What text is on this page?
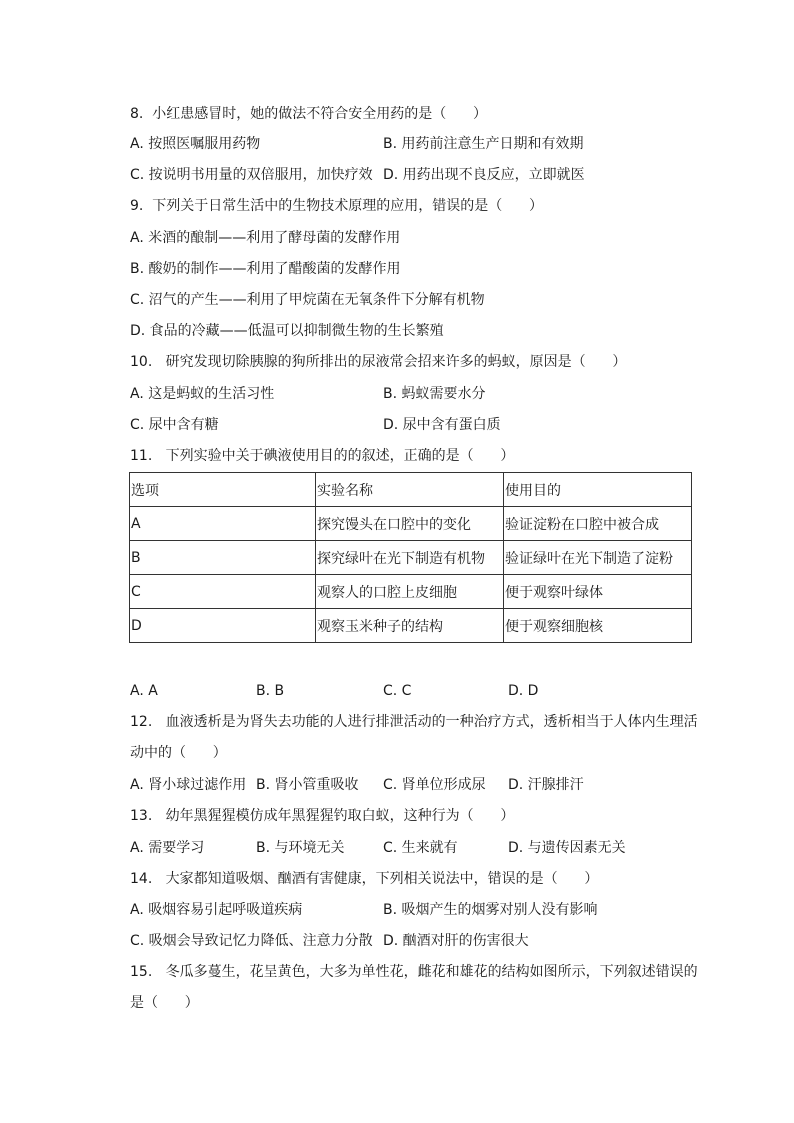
8.  小红患感冒时，她的做法不符合安全用药的是（      ）
A. 按照医嘱服用药物	B. 用药前注意生产日期和有效期
C. 按说明书用量的双倍服用，加快疗效 D. 用药出现不良反应，立即就医
9.  下列关于日常生活中的生物技术原理的应用，错误的是（      ）
A. 米酒的酿制——利用了酵母菌的发酵作用
B. 酸奶的制作——利用了醋酸菌的发酵作用
C. 沼气的产生——利用了甲烷菌在无氧条件下分解有机物
D. 食品的冷藏——低温可以抑制微生物的生长繁殖
10.   研究发现切除胰腺的狗所排出的尿液常会招来许多的蚂蚁，原因是（      ）
A. 这是蚂蚁的生活习性	B. 蚂蚁需要水分
C. 尿中含有糖	D. 尿中含有蛋白质
11.   下列实验中关于碘液使用目的的叙述，正确的是（      ）
选项	实验名称	使用目的
A	探究馒头在口腔中的变化	验证淀粉在口腔中被合成
B	探究绿叶在光下制造有机物	验证绿叶在光下制造了淀粉
C	观察人的口腔上皮细胞	便于观察叶绿体
D	观察玉米种子的结构	便于观察细胞核
A. A	B. B	C. C	D. D
12.   血液透析是为肾失去功能的人进行排泄活动的一种治疗方式，透析相当于人体内生理活
动中的（      ）
A. 肾小球过滤作用 B. 肾小管重吸收 C. 肾单位形成尿 D. 汗腺排汗
13.   幼年黑猩猩模仿成年黑猩猩钓取白蚁，这种行为（      ）
A. 需要学习	B. 与环境无关	C. 生来就有	D. 与遗传因素无关
14.   大家都知道吸烟、酗酒有害健康，下列相关说法中，错误的是（      ）
A. 吸烟容易引起呼吸道疾病	B. 吸烟产生的烟雾对别人没有影响
C. 吸烟会导致记忆力降低、注意力分散 D. 酗酒对肝的伤害很大
15.   冬瓜多蔓生，花呈黄色，大多为单性花，雌花和雄花的结构如图所示，下列叙述错误的
是（      ）
